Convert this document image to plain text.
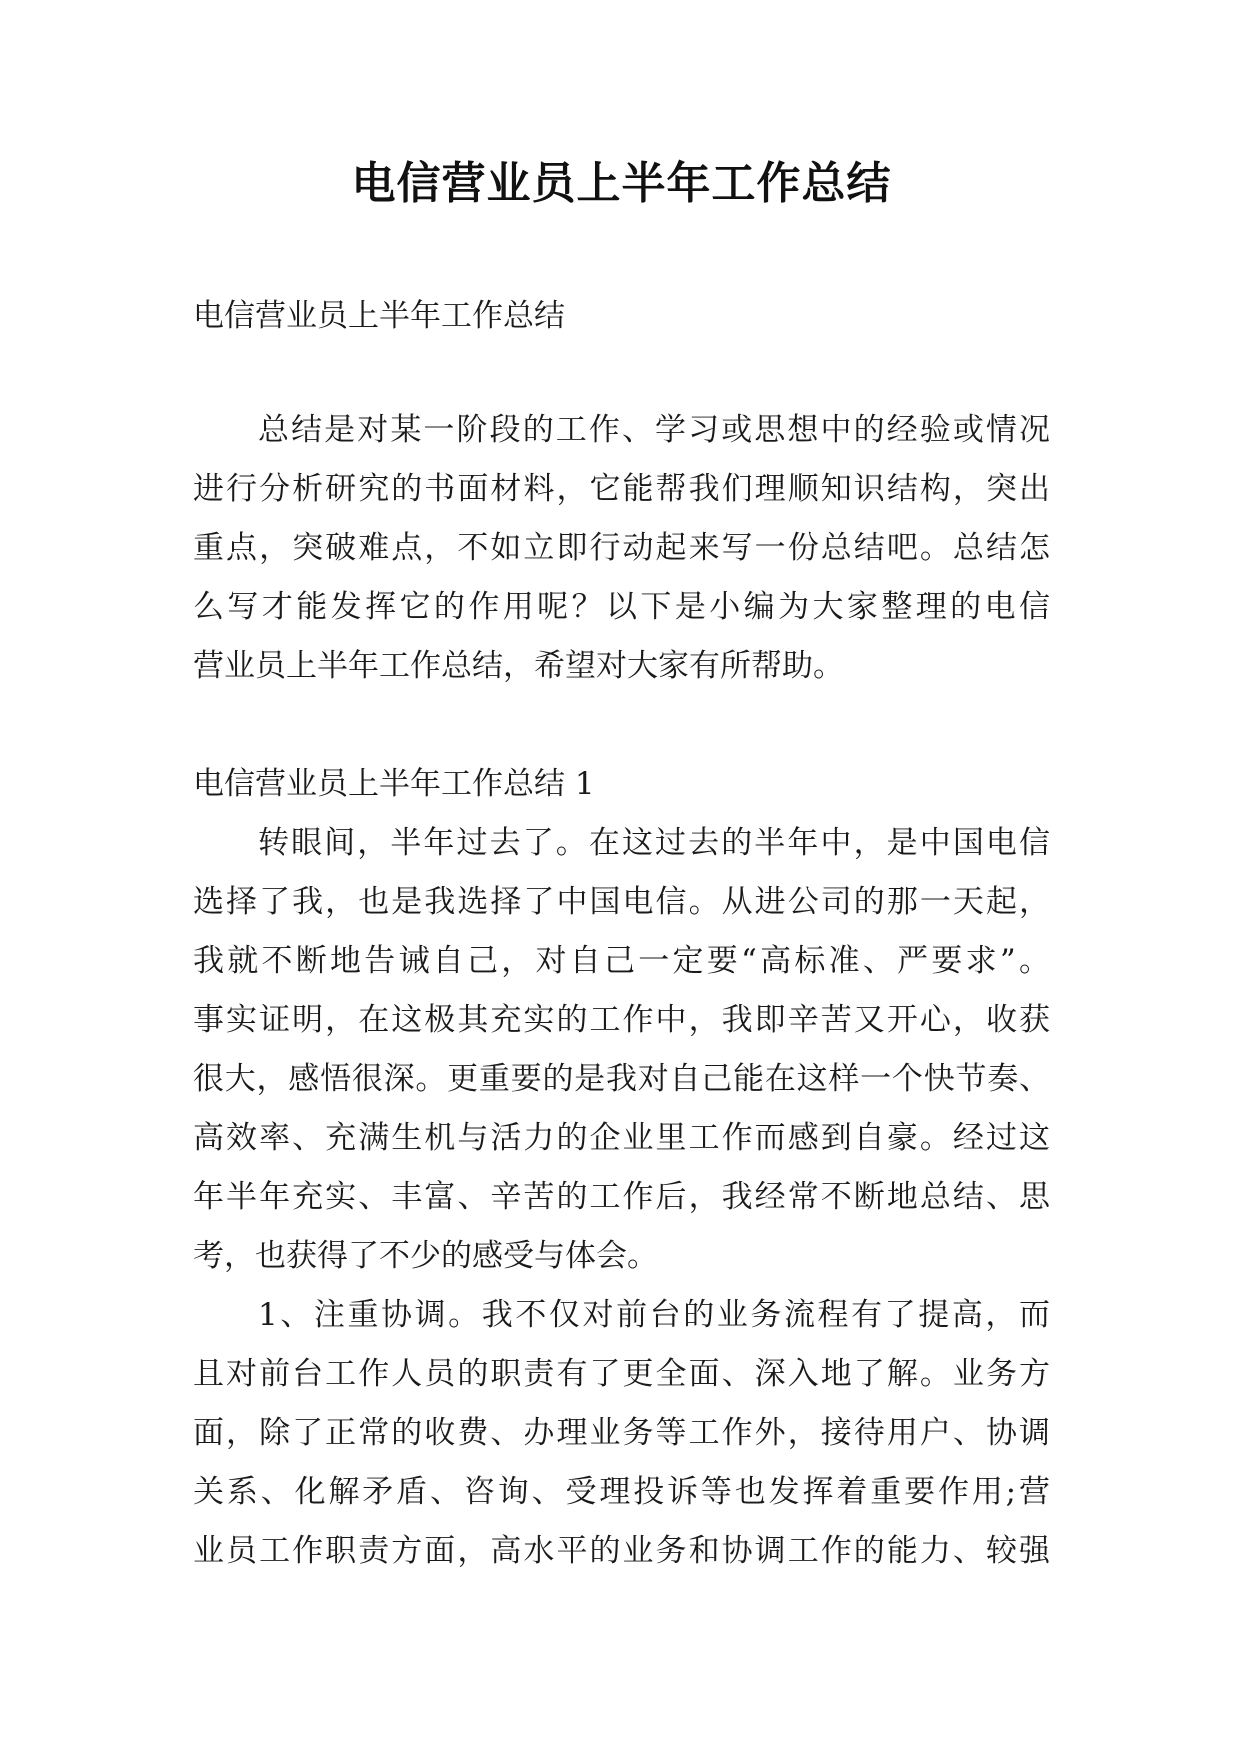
电信营业员上半年工作总结
电信营业员上半年工作总结
总结是对某一阶段的工作、学习或思想中的经验或情况
进行分析研究的书面材料，它能帮我们理顺知识结构，突出
重点，突破难点，不如立即行动起来写一份总结吧。总结怎
么写才能发挥它的作用呢？以下是小编为大家整理的电信
营业员上半年工作总结，希望对大家有所帮助。
电信营业员上半年工作总结 1
转眼间，半年过去了。在这过去的半年中，是中国电信
选择了我，也是我选择了中国电信。从进公司的那一天起，
我就不断地告诫自己，对自己一定要“高标准、严要求”。
事实证明，在这极其充实的工作中，我即辛苦又开心，收获
很大，感悟很深。更重要的是我对自己能在这样一个快节奏、
高效率、充满生机与活力的企业里工作而感到自豪。经过这
年半年充实、丰富、辛苦的工作后，我经常不断地总结、思
考，也获得了不少的感受与体会。
1、注重协调。我不仅对前台的业务流程有了提高，而
且对前台工作人员的职责有了更全面、深入地了解。业务方
面，除了正常的收费、办理业务等工作外，接待用户、协调
关系、化解矛盾、咨询、受理投诉等也发挥着重要作用;营
业员工作职责方面，高水平的业务和协调工作的能力、较强
